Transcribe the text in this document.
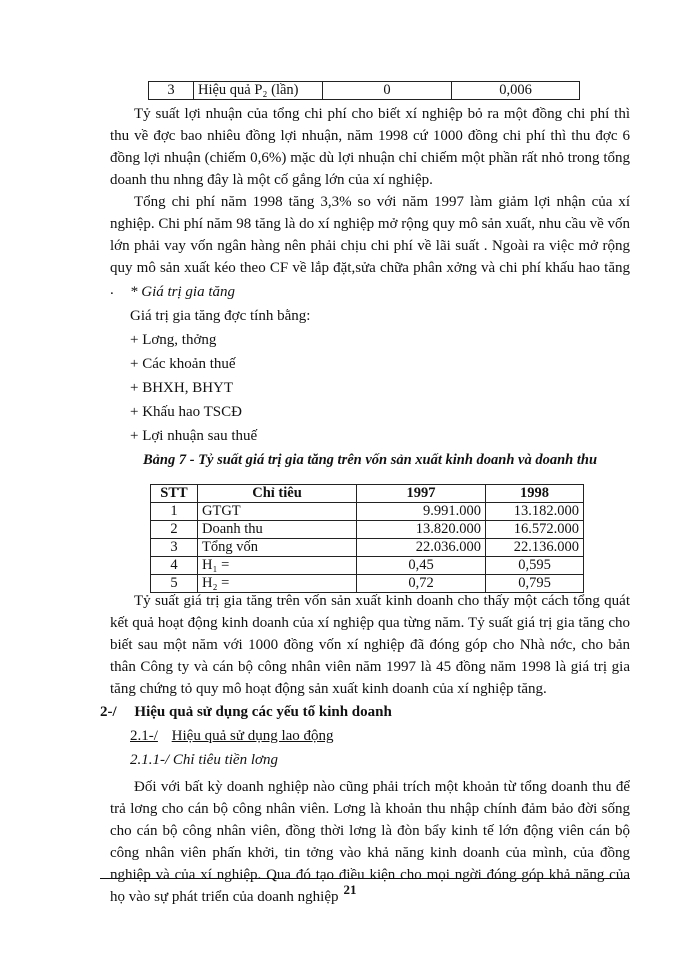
3	Hiệu quả P₂ (lần)	0	0,006
Tỷ suất lợi nhuận của tổng chi phí cho biết xí nghiệp bỏ ra một đồng chi phí thì thu về đợc bao nhiêu đồng lợi nhuận, năm 1998 cứ 1000 đồng chi phí thì thu đợc 6 đồng lợi nhuận (chiếm 0,6%) mặc dù lợi nhuận chỉ chiếm một phần rất nhỏ trong tổng doanh thu nhng đây là một cố gắng lớn của xí nghiệp.
Tổng chi phí năm 1998 tăng 3,3% so với năm 1997 làm giảm lợi nhận của xí nghiệp. Chi phí năm 98 tăng là do xí nghiệp mở rộng quy mô sản xuất, nhu cầu về vốn lớn phải vay vốn ngân hàng nên phải chịu chi phí về lãi suất . Ngoài ra việc mở rộng quy mô sản xuất kéo theo CF về lắp đặt,sửa chữa phân xởng và chi phí khấu hao tăng .	* Giá trị gia tăng
Giá trị gia tăng đợc tính bằng:
+ Lơng, thởng
+ Các khoản thuế
+ BHXH, BHYT
+ Khấu hao TSCĐ
+ Lợi nhuận sau thuế
Bảng 7 - Tỷ suất giá trị gia tăng trên vốn sản xuất kinh doanh và doanh thu
STT	Chỉ tiêu	1997	1998
1	GTGT	9.991.000	13.182.000
2	Doanh thu	13.820.000	16.572.000
3	Tổng vốn	22.036.000	22.136.000
4	H₁ =	0,45	0,595
5	H₂ =	0,72	0,795
Tỷ suất giá trị gia tăng trên vốn sản xuất kinh doanh cho thấy một cách tổng quát kết quả hoạt động kinh doanh của xí nghiệp qua từng năm. Tỷ suất giá trị gia tăng cho biết sau một năm với 1000 đồng vốn xí nghiệp đã đóng góp cho Nhà nớc, cho bản thân Công ty và cán bộ công nhân viên năm 1997 là 45 đồng năm 1998 là giá trị gia tăng chứng tỏ quy mô hoạt động sản xuất kinh doanh của xí nghiệp tăng.
2-/ Hiệu quả sử dụng các yếu tố kinh doanh
2.1-/ Hiệu quả sử dụng lao động
2.1.1-/ Chỉ tiêu tiền lơng
Đối với bất kỳ doanh nghiệp nào cũng phải trích một khoản từ tổng doanh thu để trả lơng cho cán bộ công nhân viên. Lơng là khoản thu nhập chính đảm bảo đời sống cho cán bộ công nhân viên, đồng thời lơng là đòn bẩy kinh tế lớn động viên cán bộ công nhân viên phấn khởi, tin tởng vào khả năng kinh doanh của mình, của đồng nghiệp và của xí nghiệp. Qua đó tạo điều kiện cho mọi ngời đóng góp khả năng của họ vào sự phát triển của doanh nghiệp 21
